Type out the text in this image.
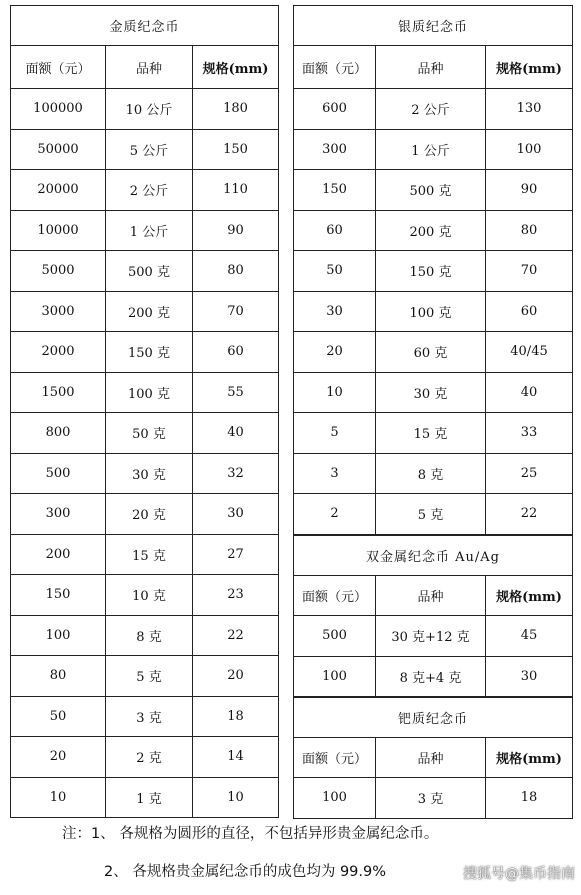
金质纪念币		
面额（元）	品种	规格(mm)
100000	10 公斤	180
50000	5 公斤	150
20000	2 公斤	110
10000	1 公斤	90
5000	500 克	80
3000	200 克	70
2000	150 克	60
1500	100 克	55
800	50 克	40
500	30 克	32
300	20 克	30
200	15 克	27
150	10 克	23
100	8 克	22
80	5 克	20
50	3 克	18
20	2 克	14
10	1 克	10
银质纪念币		
面额（元）	品种	规格(mm)
600	2 公斤	130
300	1 公斤	100
150	500 克	90
60	200 克	80
50	150 克	70
30	100 克	60
20	60 克	40/45
10	30 克	40
5	15 克	33
3	8 克	25
2	5 克	22
双金属纪念币 Au/Ag		
面额（元）	品种	规格(mm)
500	30 克+12 克	45
100	8 克+4 克	30
钯质纪念币		
面额（元）	品种	规格(mm)
100	3 克	18
注：1、 各规格为圆形的直径，不包括异形贵金属纪念币。
2、 各规格贵金属纪念币的成色均为 99.9%	搜狐号@集币指南
